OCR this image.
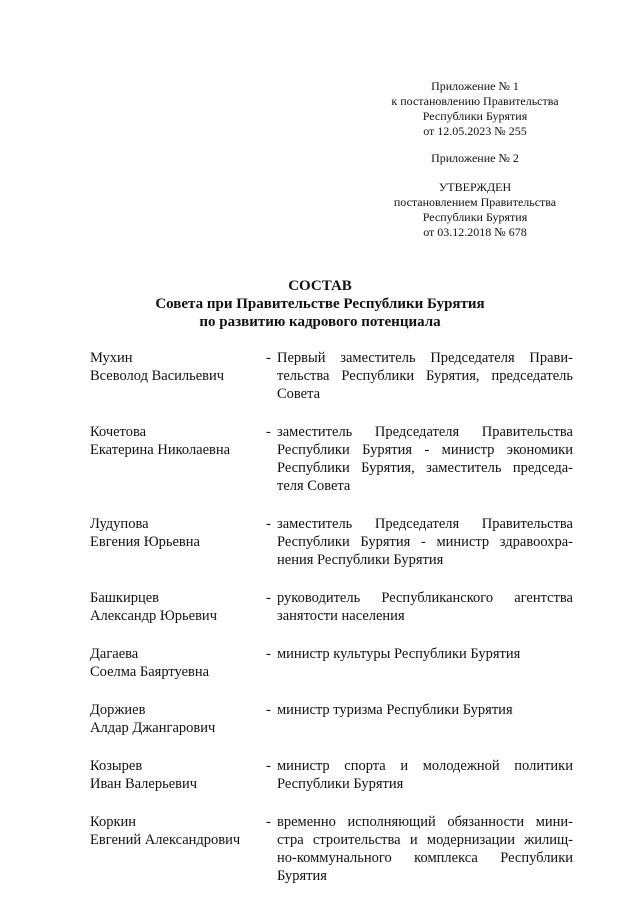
Приложение № 1
к постановлению Правительства
Республики Бурятия
от 12.05.2023 № 255
Приложение № 2
УТВЕРЖДЕН
постановлением Правительства
Республики Бурятия
от 03.12.2018 № 678
СОСТАВ
Совета при Правительстве Республики Бурятия
по развитию кадрового потенциала
Мухин
Всеволод Васильевич
- Первый заместитель Председателя Прави-
тельства Республики Бурятия, председатель
Совета
Кочетова
Екатерина Николаевна
- заместитель Председателя Правительства
Республики Бурятия - министр экономики
Республики Бурятия, заместитель председа-
теля Совета
Лудупова
Евгения Юрьевна
- заместитель Председателя Правительства
Республики Бурятия - министр здравоохра-
нения Республики Бурятия
Башкирцев
Александр Юрьевич
- руководитель Республиканского агентства
занятости населения
Дагаева
Соелма Баяртуевна
- министр культуры Республики Бурятия
Доржиев
Алдар Джангарович
- министр туризма Республики Бурятия
Козырев
Иван Валерьевич
- министр спорта и молодежной политики
Республики Бурятия
Коркин
Евгений Александрович
- временно исполняющий обязанности мини-
стра строительства и модернизации жилищ-
но-коммунального комплекса Республики
Бурятия
